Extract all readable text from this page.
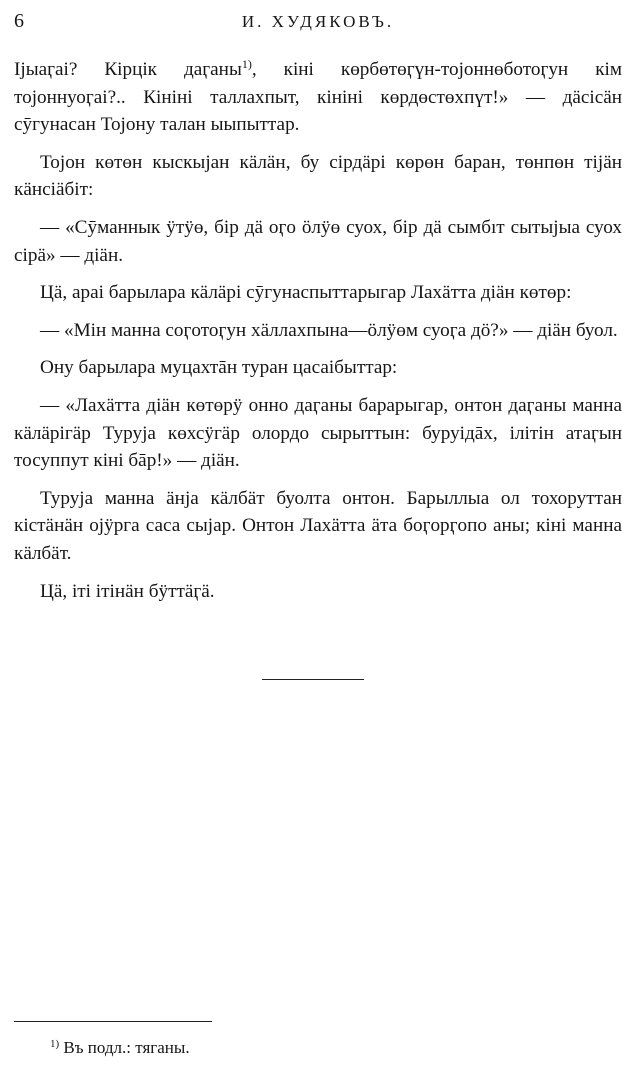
6	И. ХУДЯКОВЪ.

Ijыаӷаi? Кiрцiк даӷаны$^{1)}$, кiнi көрбөтөӷүн-тојоннөботоӷун кiм тојоннуоӷаi?.. Кiнiнi таллахпыт, кiнiнi көрдөстөхпүт!» — дäсiсäн сӯгунасан Тојону талан ыыпыттар.

Тојон көтөн кыскыјан кäлäн, бу сiрдäрi көрөн баран, төнпөн тiјäн кäнсiäбiт:

— «Сӯманнык ӱтӱө, бiр дä оӷо ӧлӱө суох, бiр дä сымбıт сытыjыа суох сiрä» — дiäн.

Цä, араi барылара кäлäрi сӯгунаспыттарыгар Лахäтта дiäн көтөр:

— «Мiн манна соӷотоӷун хäллахпына—ӧлӱөм суоӷа дö?» — дiäн буол.

Ону барылара муцахтāн туран цасаiбыттар:

— «Лахäтта дiäн көтөрӱ онно даӷаны барарыгар, онтон даӷаны манна кäлäрiгäр Турујa көхсӱгäр олордо сырыттын: буруiдāх, iлiтiн атаӷын тосуппут кiнi бāр!» — дiäн.

Турујa манна äнja кäлбäт буолта онтон. Барыллыа ол тохоруттан кiстäнäн ojӱргa саса сыjар. Онтон Лахäтта äта боӷорӷопо аны; кiнi манна кäлбäт.

Цä, iтi iтiнäн бӱттäӷä.

$^{1)}$ Въ подл.: тяганы.
